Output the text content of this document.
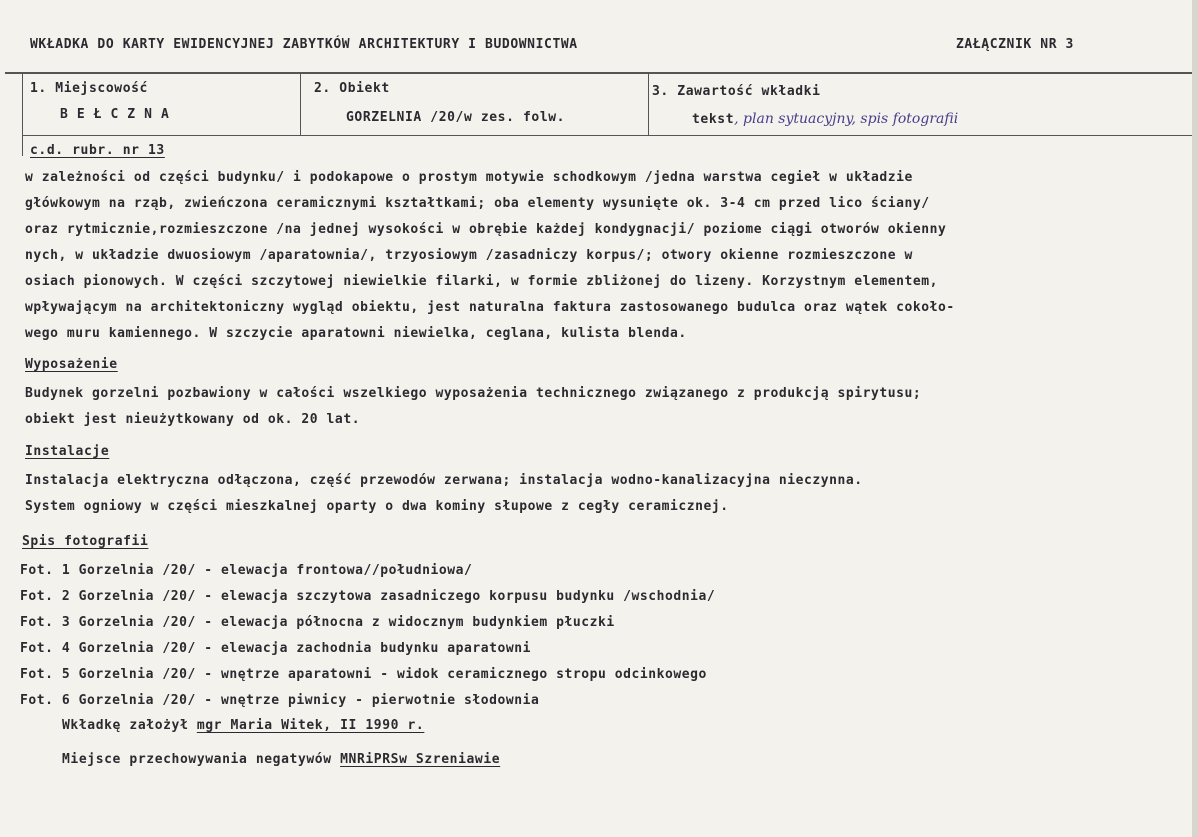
WKŁADKA DO KARTY EWIDENCYJNEJ ZABYTKÓW ARCHITEKTURY I BUDOWNICTWA	ZAŁĄCZNIK NR 3
1. Miejscowość
BEŁCZNA
2. Obiekt
GORZELNIA /20/w zes. folw.
3. Zawartość wkładki
tekst, plan sytuacyjny, spis fotografii
c.d. rubr. nr 13
w zależności od części budynku/ i podokapowe o prostym motywie schodkowym /jedna warstwa cegieł w układzie
główkowym na rząb, zwieńczona ceramicznymi kształtkami; oba elementy wysunięte ok. 3-4 cm przed lico ściany/
oraz rytmicznie,rozmieszczone /na jednej wysokości w obrębie każdej kondygnacji/ poziome ciągi otworów okienny
nych, w układzie dwuosiowym /aparatownia/, trzyosiowym /zasadniczy korpus/; otwory okienne rozmieszczone w
osiach pionowych. W części szczytowej niewielkie filarki, w formie zbliżonej do lizeny. Korzystnym elementem,
wpływającym na architektoniczny wygląd obiektu, jest naturalna faktura zastosowanego budulca oraz wątek cokoło-
wego muru kamiennego. W szczycie aparatowni niewielka, ceglana, kulista blenda.
Wyposażenie
Budynek gorzelni pozbawiony w całości wszelkiego wyposażenia technicznego związanego z produkcją spirytusu;
obiekt jest nieużytkowany od ok. 20 lat.
Instalacje
Instalacja elektryczna odłączona, część przewodów zerwana; instalacja wodno-kanalizacyjna nieczynna.
System ogniowy w części mieszkalnej oparty o dwa kominy słupowe z cegły ceramicznej.
Spis fotografii
Fot. 1 Gorzelnia /20/ - elewacja frontowa//południowa/
Fot. 2 Gorzelnia /20/ - elewacja szczytowa zasadniczego korpusu budynku /wschodnia/
Fot. 3 Gorzelnia /20/ - elewacja północna z widocznym budynkiem płuczki
Fot. 4 Gorzelnia /20/ - elewacja zachodnia budynku aparatowni
Fot. 5 Gorzelnia /20/ - wnętrze aparatowni - widok ceramicznego stropu odcinkowego
Fot. 6 Gorzelnia /20/ - wnętrze piwnicy - pierwotnie słodownia
Wkładkę założył mgr Maria Witek, II 1990 r.
Miejsce przechowywania negatywów MNRiPRSw Szreniawie
